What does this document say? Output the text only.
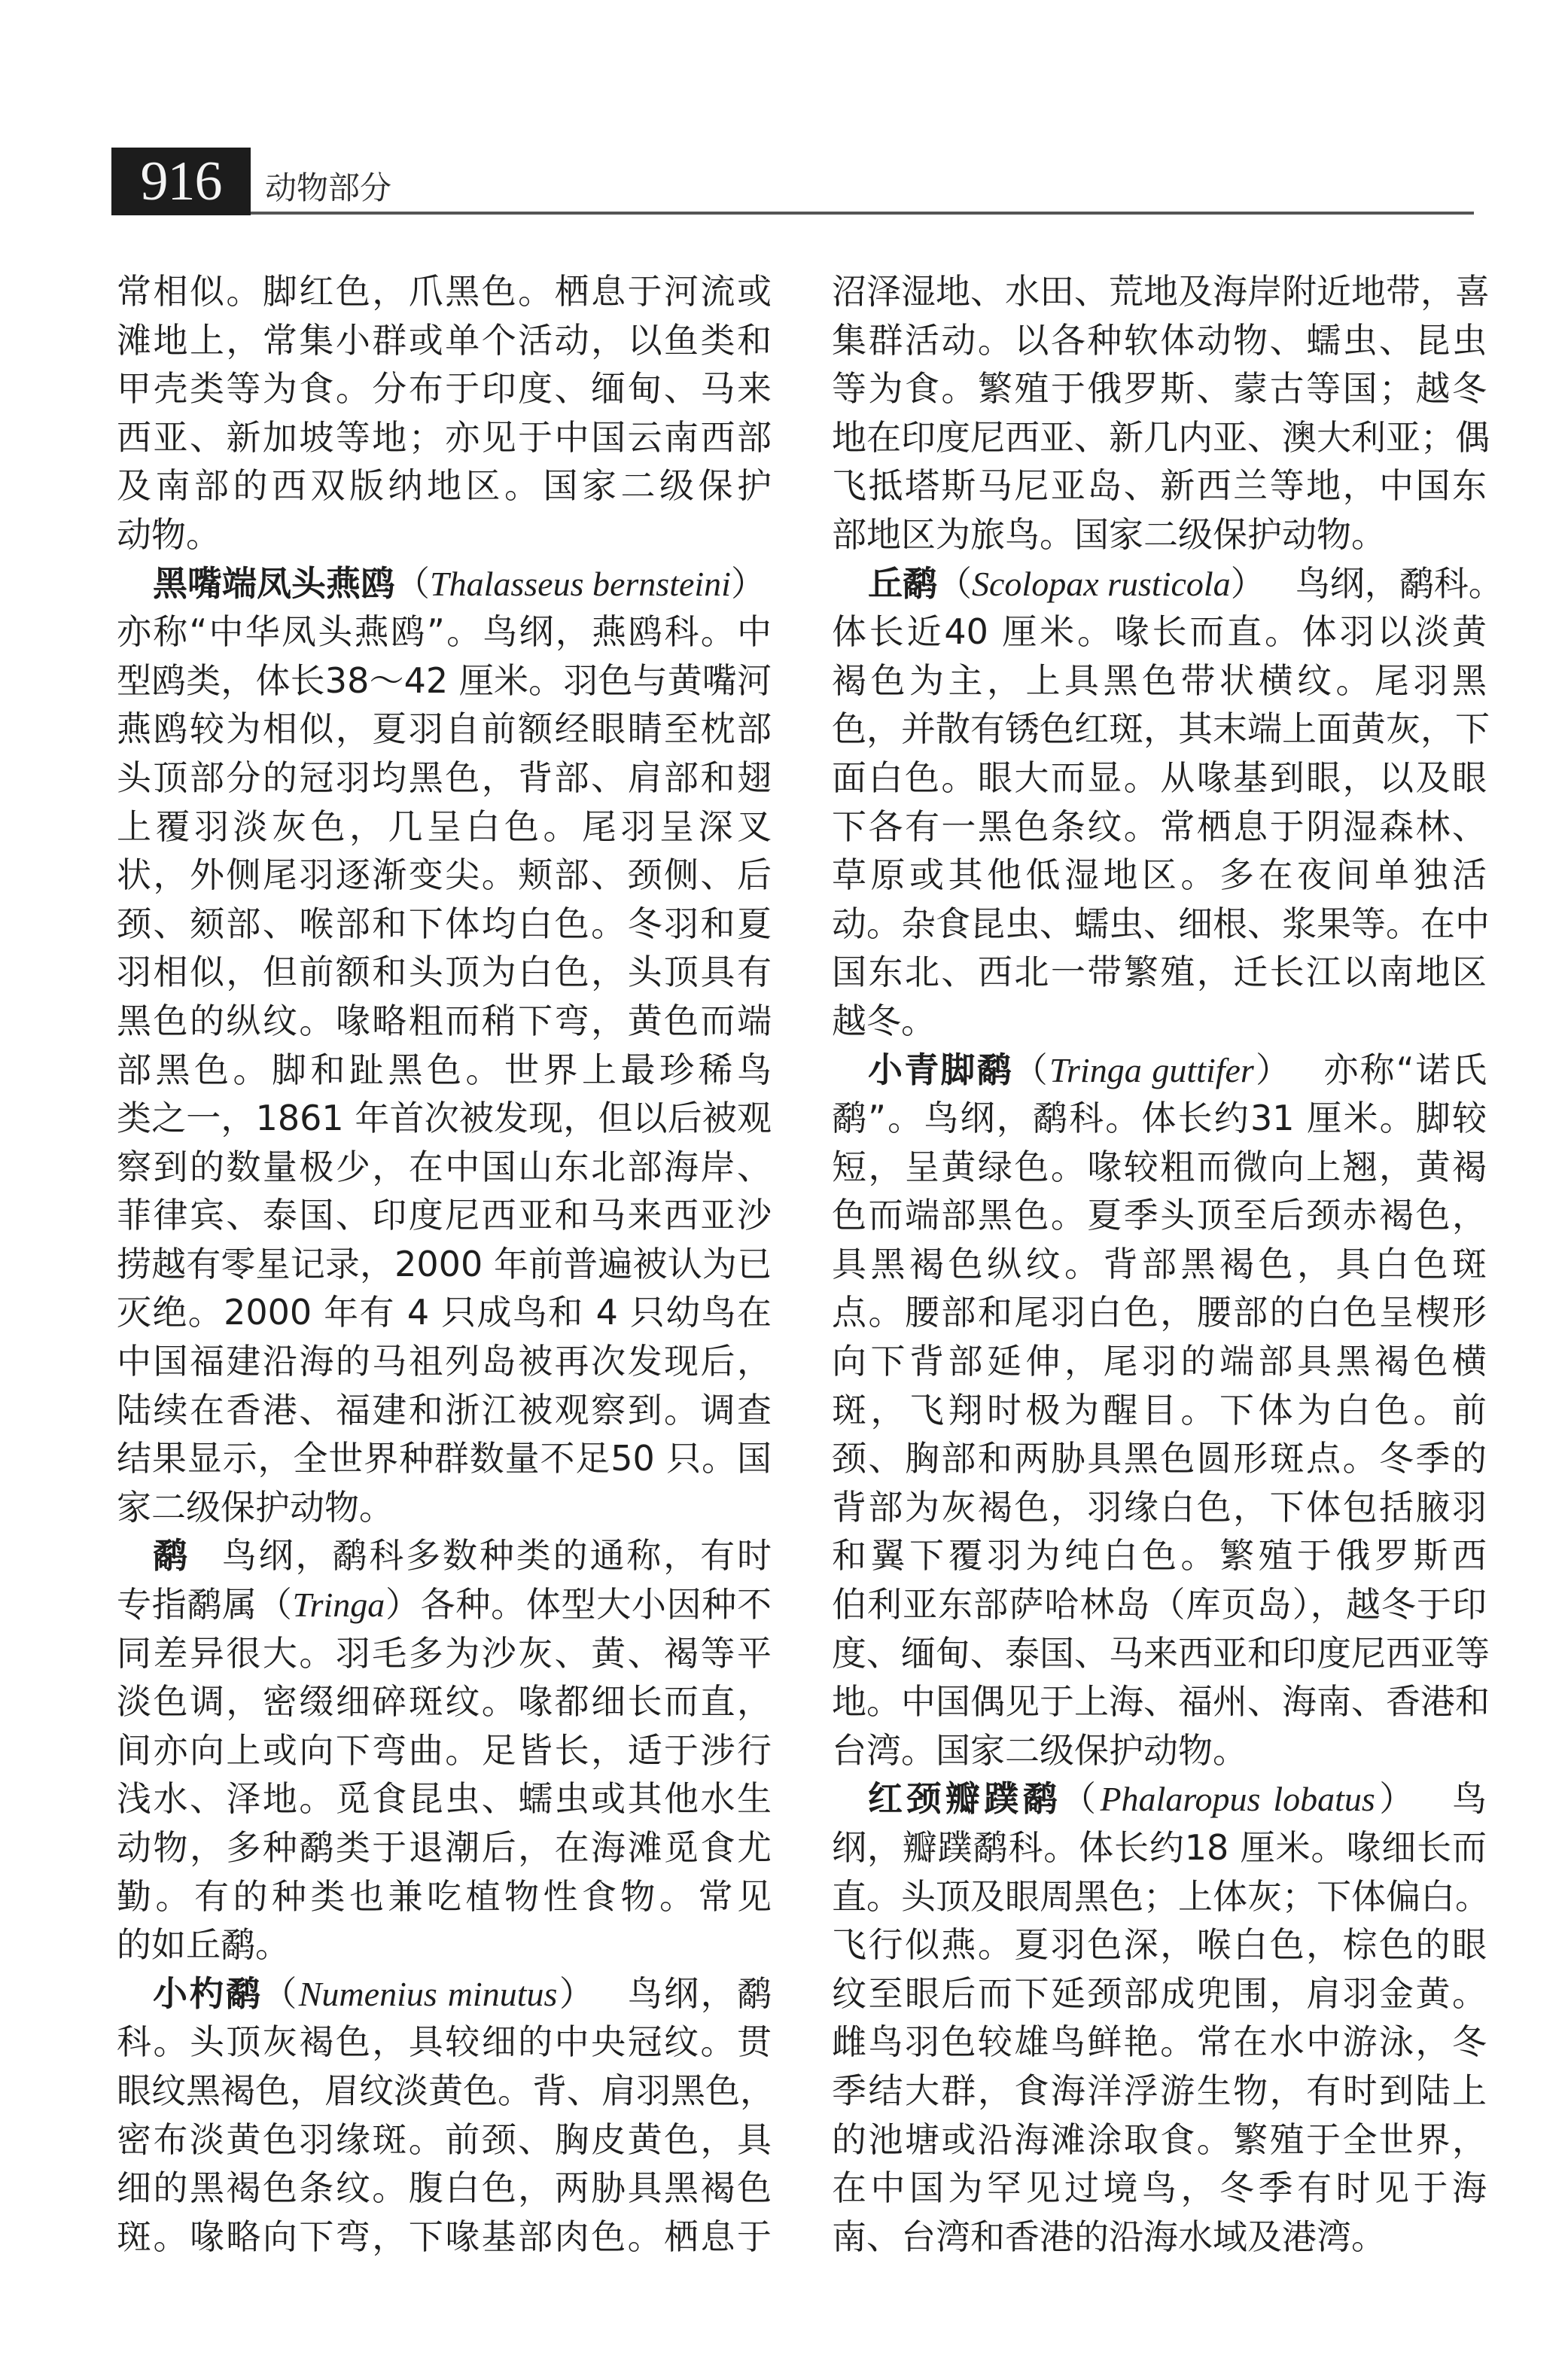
916	动物部分
常相似。脚红色，爪黑色。栖息于河流或
滩地上，常集小群或单个活动，以鱼类和
甲壳类等为食。分布于印度、缅甸、马来
西亚、新加坡等地；亦见于中国云南西部
及南部的西双版纳地区。国家二级保护
动物。
黑嘴端凤头燕鸥（Thalasseus bernsteini）
亦称“中华凤头燕鸥”。鸟纲，燕鸥科。中
型鸥类，体长38～42 厘米。羽色与黄嘴河
燕鸥较为相似，夏羽自前额经眼睛至枕部
头顶部分的冠羽均黑色，背部、肩部和翅
上覆羽淡灰色，几呈白色。尾羽呈深叉
状，外侧尾羽逐渐变尖。颊部、颈侧、后
颈、颏部、喉部和下体均白色。冬羽和夏
羽相似，但前额和头顶为白色，头顶具有
黑色的纵纹。喙略粗而稍下弯，黄色而端
部黑色。脚和趾黑色。世界上最珍稀鸟
类之一，1861 年首次被发现，但以后被观
察到的数量极少，在中国山东北部海岸、
菲律宾、泰国、印度尼西亚和马来西亚沙
捞越有零星记录，2000 年前普遍被认为已
灭绝。2000 年有 4 只成鸟和 4 只幼鸟在
中国福建沿海的马祖列岛被再次发现后，
陆续在香港、福建和浙江被观察到。调查
结果显示，全世界种群数量不足50 只。国
家二级保护动物。
鹬 鸟纲，鹬科多数种类的通称，有时
专指鹬属（Tringa）各种。体型大小因种不
同差异很大。羽毛多为沙灰、黄、褐等平
淡色调，密缀细碎斑纹。喙都细长而直，
间亦向上或向下弯曲。足皆长，适于涉行
浅水、泽地。觅食昆虫、蠕虫或其他水生
动物，多种鹬类于退潮后，在海滩觅食尤
勤。有的种类也兼吃植物性食物。常见
的如丘鹬。
小杓鹬（Numenius minutus） 鸟纲，鹬
科。头顶灰褐色，具较细的中央冠纹。贯
眼纹黑褐色，眉纹淡黄色。背、肩羽黑色，
密布淡黄色羽缘斑。前颈、胸皮黄色，具
细的黑褐色条纹。腹白色，两胁具黑褐色
斑。喙略向下弯，下喙基部肉色。栖息于
沼泽湿地、水田、荒地及海岸附近地带，喜
集群活动。以各种软体动物、蠕虫、昆虫
等为食。繁殖于俄罗斯、蒙古等国；越冬
地在印度尼西亚、新几内亚、澳大利亚；偶
飞抵塔斯马尼亚岛、新西兰等地，中国东
部地区为旅鸟。国家二级保护动物。
丘鹬（Scolopax rusticola） 鸟纲，鹬科。
体长近40 厘米。喙长而直。体羽以淡黄
褐色为主，上具黑色带状横纹。尾羽黑
色，并散有锈色红斑，其末端上面黄灰，下
面白色。眼大而显。从喙基到眼，以及眼
下各有一黑色条纹。常栖息于阴湿森林、
草原或其他低湿地区。多在夜间单独活
动。杂食昆虫、蠕虫、细根、浆果等。在中
国东北、西北一带繁殖，迁长江以南地区
越冬。
小青脚鹬（Tringa guttifer） 亦称“诺氏
鹬”。鸟纲，鹬科。体长约31 厘米。脚较
短，呈黄绿色。喙较粗而微向上翘，黄褐
色而端部黑色。夏季头顶至后颈赤褐色，
具黑褐色纵纹。背部黑褐色，具白色斑
点。腰部和尾羽白色，腰部的白色呈楔形
向下背部延伸，尾羽的端部具黑褐色横
斑，飞翔时极为醒目。下体为白色。前
颈、胸部和两胁具黑色圆形斑点。冬季的
背部为灰褐色，羽缘白色，下体包括腋羽
和翼下覆羽为纯白色。繁殖于俄罗斯西
伯利亚东部萨哈林岛（库页岛），越冬于印
度、缅甸、泰国、马来西亚和印度尼西亚等
地。中国偶见于上海、福州、海南、香港和
台湾。国家二级保护动物。
红颈瓣蹼鹬（Phalaropus lobatus） 鸟
纲，瓣蹼鹬科。体长约18 厘米。喙细长而
直。头顶及眼周黑色；上体灰；下体偏白。
飞行似燕。夏羽色深，喉白色，棕色的眼
纹至眼后而下延颈部成兜围，肩羽金黄。
雌鸟羽色较雄鸟鲜艳。常在水中游泳，冬
季结大群，食海洋浮游生物，有时到陆上
的池塘或沿海滩涂取食。繁殖于全世界，
在中国为罕见过境鸟，冬季有时见于海
南、台湾和香港的沿海水域及港湾。
